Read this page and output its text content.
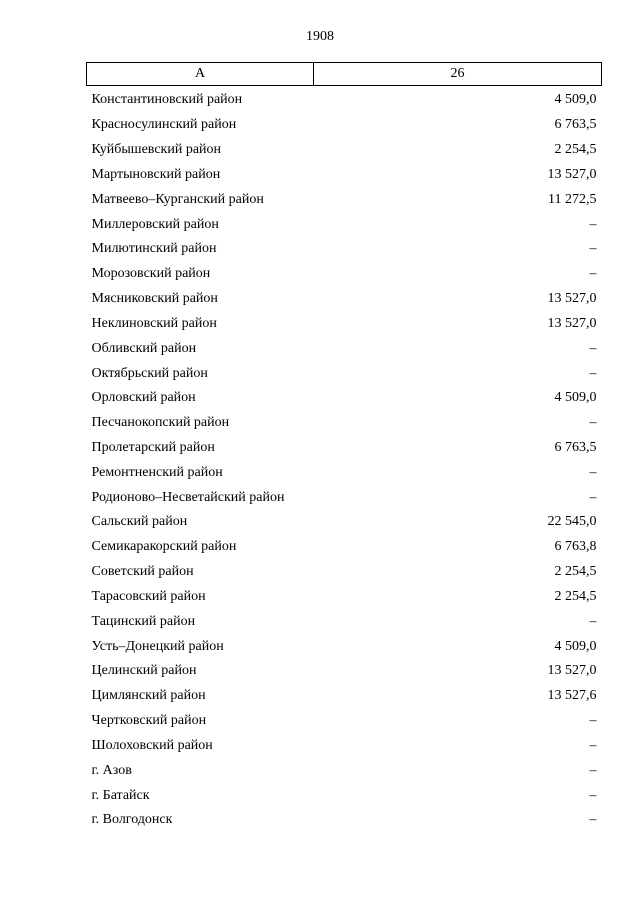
1908
А	26
Константиновский район	4 509,0
Красносулинский район	6 763,5
Куйбышевский район	2 254,5
Мартыновский район	13 527,0
Матвеево–Курганский район	11 272,5
Миллеровский район	–
Милютинский район	–
Морозовский район	–
Мясниковский район	13 527,0
Неклиновский район	13 527,0
Обливский район	–
Октябрьский район	–
Орловский район	4 509,0
Песчанокопский район	–
Пролетарский район	6 763,5
Ремонтненский район	–
Родионово–Несветайский район	–
Сальский район	22 545,0
Семикаракорский район	6 763,8
Советский район	2 254,5
Тарасовский район	2 254,5
Тацинский район	–
Усть–Донецкий район	4 509,0
Целинский район	13 527,0
Цимлянский район	13 527,6
Чертковский район	–
Шолоховский район	–
г. Азов	–
г. Батайск	–
г. Волгодонск	–
